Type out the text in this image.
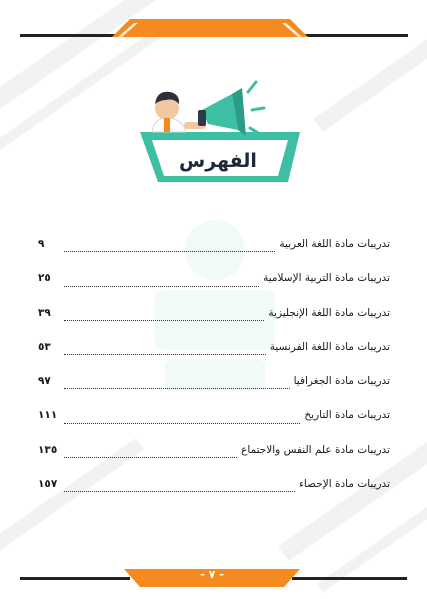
الفهرس
تدريبات مادة اللغة العربية
٩
تدريبات مادة التربية الإسلامية
٢٥
تدريبات مادة اللغة الإنجليزية
٣٩
تدريبات مادة اللغة الفرنسية
٥٣
تدريبات مادة الجغرافيا
٩٧
تدريبات مادة التاريخ
١١١
تدريبات مادة علم النفس والاجتماع
١٣٥
تدريبات مادة الإحصاء
١٥٧
- ٧ -
